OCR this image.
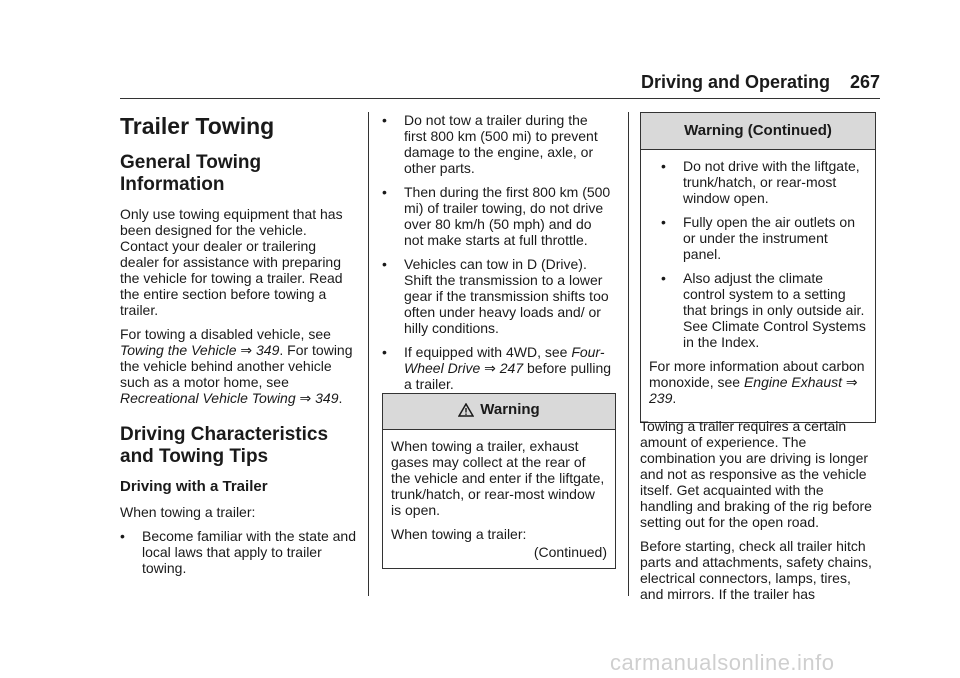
Driving and Operating	267
Trailer Towing
General Towing Information

Only use towing equipment that has been designed for the vehicle. Contact your dealer or trailering dealer for assistance with preparing the vehicle for towing a trailer. Read the entire section before towing a trailer.

For towing a disabled vehicle, see Towing the Vehicle ⇒ 349. For towing the vehicle behind another vehicle such as a motor home, see Recreational Vehicle Towing ⇒ 349.

Driving Characteristics and Towing Tips
Driving with a Trailer

When towing a trailer:

• Become familiar with the state and local laws that apply to trailer towing.
• Do not tow a trailer during the first 800 km (500 mi) to prevent damage to the engine, axle, or other parts.
• Then during the first 800 km (500 mi) of trailer towing, do not drive over 80 km/h (50 mph) and do not make starts at full throttle.
• Vehicles can tow in D (Drive). Shift the transmission to a lower gear if the transmission shifts too often under heavy loads and/ or hilly conditions.
• If equipped with 4WD, see Four-Wheel Drive ⇒ 247 before pulling a trailer.
Warning

When towing a trailer, exhaust gases may collect at the rear of the vehicle and enter if the liftgate, trunk/hatch, or rear-most window is open.

When towing a trailer:

(Continued)
Warning (Continued)
• Do not drive with the liftgate, trunk/hatch, or rear-most window open.
• Fully open the air outlets on or under the instrument panel.
• Also adjust the climate control system to a setting that brings in only outside air. See Climate Control Systems in the Index.

For more information about carbon monoxide, see Engine Exhaust ⇒ 239.

Towing a trailer requires a certain amount of experience. The combination you are driving is longer and not as responsive as the vehicle itself. Get acquainted with the handling and braking of the rig before setting out for the open road.

Before starting, check all trailer hitch parts and attachments, safety chains, electrical connectors, lamps, tires, and mirrors. If the trailer has

carmanualsonline.info
